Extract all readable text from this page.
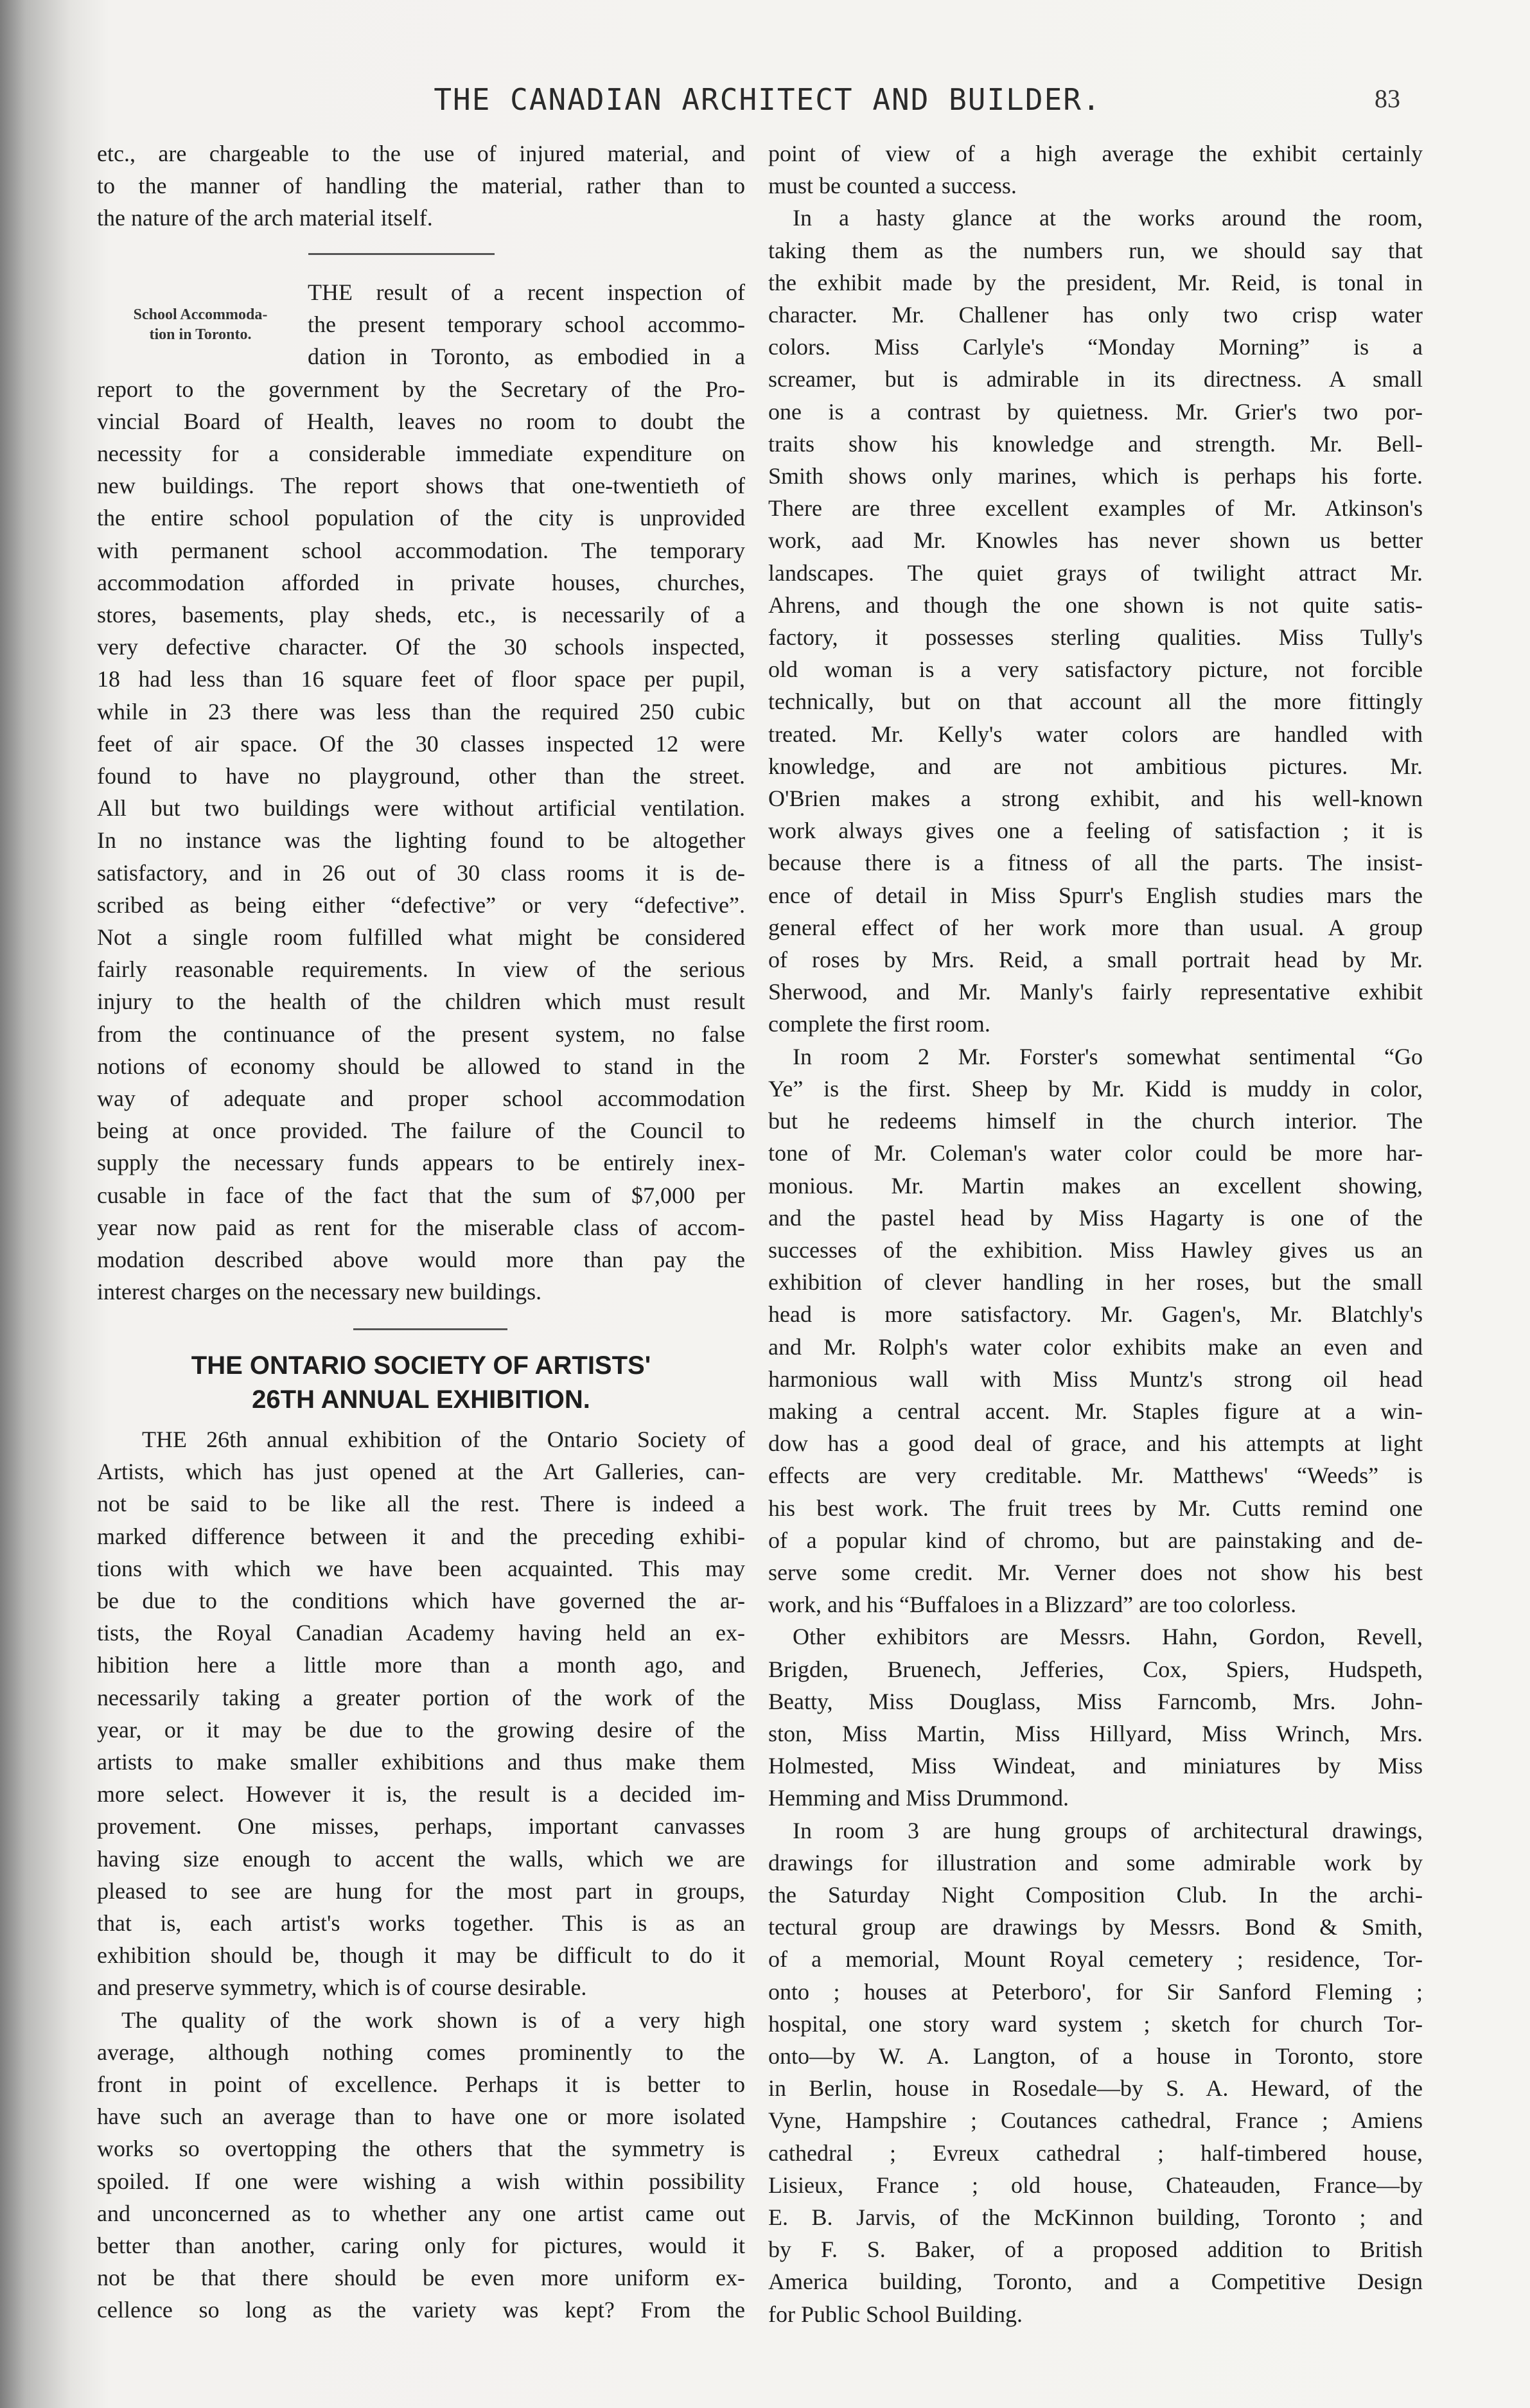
THE CANADIAN ARCHITECT AND BUILDER.	83
etc., are chargeable to the use of injured material, and
to the manner of handling the material, rather than to
the nature of the arch material itself.
School Accommoda-
tion in Toronto.
THE result of a recent inspection of
the present temporary school accommo-
dation in Toronto, as embodied in a
report to the government by the Secretary of the Pro-
vincial Board of Health, leaves no room to doubt the
necessity for a considerable immediate expenditure on
new buildings. The report shows that one-twentieth of
the entire school population of the city is unprovided
with permanent school accommodation. The temporary
accommodation afforded in private houses, churches,
stores, basements, play sheds, etc., is necessarily of a
very defective character. Of the 30 schools inspected,
18 had less than 16 square feet of floor space per pupil,
while in 23 there was less than the required 250 cubic
feet of air space. Of the 30 classes inspected 12 were
found to have no playground, other than the street.
All but two buildings were without artificial ventilation.
In no instance was the lighting found to be altogether
satisfactory, and in 26 out of 30 class rooms it is de-
scribed as being either “defective” or very “defective”.
Not a single room fulfilled what might be considered
fairly reasonable requirements. In view of the serious
injury to the health of the children which must result
from the continuance of the present system, no false
notions of economy should be allowed to stand in the
way of adequate and proper school accommodation
being at once provided. The failure of the Council to
supply the necessary funds appears to be entirely inex-
cusable in face of the fact that the sum of $7,000 per
year now paid as rent for the miserable class of accom-
modation described above would more than pay the
interest charges on the necessary new buildings.
THE ONTARIO SOCIETY OF ARTISTS'
26TH ANNUAL EXHIBITION.
THE 26th annual exhibition of the Ontario Society of
Artists, which has just opened at the Art Galleries, can-
not be said to be like all the rest. There is indeed a
marked difference between it and the preceding exhibi-
tions with which we have been acquainted. This may
be due to the conditions which have governed the ar-
tists, the Royal Canadian Academy having held an ex-
hibition here a little more than a month ago, and
necessarily taking a greater portion of the work of the
year, or it may be due to the growing desire of the
artists to make smaller exhibitions and thus make them
more select. However it is, the result is a decided im-
provement. One misses, perhaps, important canvasses
having size enough to accent the walls, which we are
pleased to see are hung for the most part in groups,
that is, each artist's works together. This is as an
exhibition should be, though it may be difficult to do it
and preserve symmetry, which is of course desirable.
The quality of the work shown is of a very high
average, although nothing comes prominently to the
front in point of excellence. Perhaps it is better to
have such an average than to have one or more isolated
works so overtopping the others that the symmetry is
spoiled. If one were wishing a wish within possibility
and unconcerned as to whether any one artist came out
better than another, caring only for pictures, would it
not be that there should be even more uniform ex-
cellence so long as the variety was kept? From the
point of view of a high average the exhibit certainly
must be counted a success.
In a hasty glance at the works around the room,
taking them as the numbers run, we should say that
the exhibit made by the president, Mr. Reid, is tonal in
character. Mr. Challener has only two crisp water
colors. Miss Carlyle's “Monday Morning” is a
screamer, but is admirable in its directness. A small
one is a contrast by quietness. Mr. Grier's two por-
traits show his knowledge and strength. Mr. Bell-
Smith shows only marines, which is perhaps his forte.
There are three excellent examples of Mr. Atkinson's
work, aad Mr. Knowles has never shown us better
landscapes. The quiet grays of twilight attract Mr.
Ahrens, and though the one shown is not quite satis-
factory, it possesses sterling qualities. Miss Tully's
old woman is a very satisfactory picture, not forcible
technically, but on that account all the more fittingly
treated. Mr. Kelly's water colors are handled with
knowledge, and are not ambitious pictures. Mr.
O'Brien makes a strong exhibit, and his well-known
work always gives one a feeling of satisfaction ; it is
because there is a fitness of all the parts. The insist-
ence of detail in Miss Spurr's English studies mars the
general effect of her work more than usual. A group
of roses by Mrs. Reid, a small portrait head by Mr.
Sherwood, and Mr. Manly's fairly representative exhibit
complete the first room.
In room 2 Mr. Forster's somewhat sentimental “Go
Ye” is the first. Sheep by Mr. Kidd is muddy in color,
but he redeems himself in the church interior. The
tone of Mr. Coleman's water color could be more har-
monious. Mr. Martin makes an excellent showing,
and the pastel head by Miss Hagarty is one of the
successes of the exhibition. Miss Hawley gives us an
exhibition of clever handling in her roses, but the small
head is more satisfactory. Mr. Gagen's, Mr. Blatchly's
and Mr. Rolph's water color exhibits make an even and
harmonious wall with Miss Muntz's strong oil head
making a central accent. Mr. Staples figure at a win-
dow has a good deal of grace, and his attempts at light
effects are very creditable. Mr. Matthews' “Weeds” is
his best work. The fruit trees by Mr. Cutts remind one
of a popular kind of chromo, but are painstaking and de-
serve some credit. Mr. Verner does not show his best
work, and his “Buffaloes in a Blizzard” are too colorless.
Other exhibitors are Messrs. Hahn, Gordon, Revell,
Brigden, Bruenech, Jefferies, Cox, Spiers, Hudspeth,
Beatty, Miss Douglass, Miss Farncomb, Mrs. John-
ston, Miss Martin, Miss Hillyard, Miss Wrinch, Mrs.
Holmested, Miss Windeat, and miniatures by Miss
Hemming and Miss Drummond.
In room 3 are hung groups of architectural drawings,
drawings for illustration and some admirable work by
the Saturday Night Composition Club. In the archi-
tectural group are drawings by Messrs. Bond & Smith,
of a memorial, Mount Royal cemetery ; residence, Tor-
onto ; houses at Peterboro', for Sir Sanford Fleming ;
hospital, one story ward system ; sketch for church Tor-
onto—by W. A. Langton, of a house in Toronto, store
in Berlin, house in Rosedale—by S. A. Heward, of the
Vyne, Hampshire ; Coutances cathedral, France ; Amiens
cathedral ; Evreux cathedral ; half-timbered house,
Lisieux, France ; old house, Chateauden, France—by
E. B. Jarvis, of the McKinnon building, Toronto ; and
by F. S. Baker, of a proposed addition to British
America building, Toronto, and a Competitive Design
for Public School Building.
